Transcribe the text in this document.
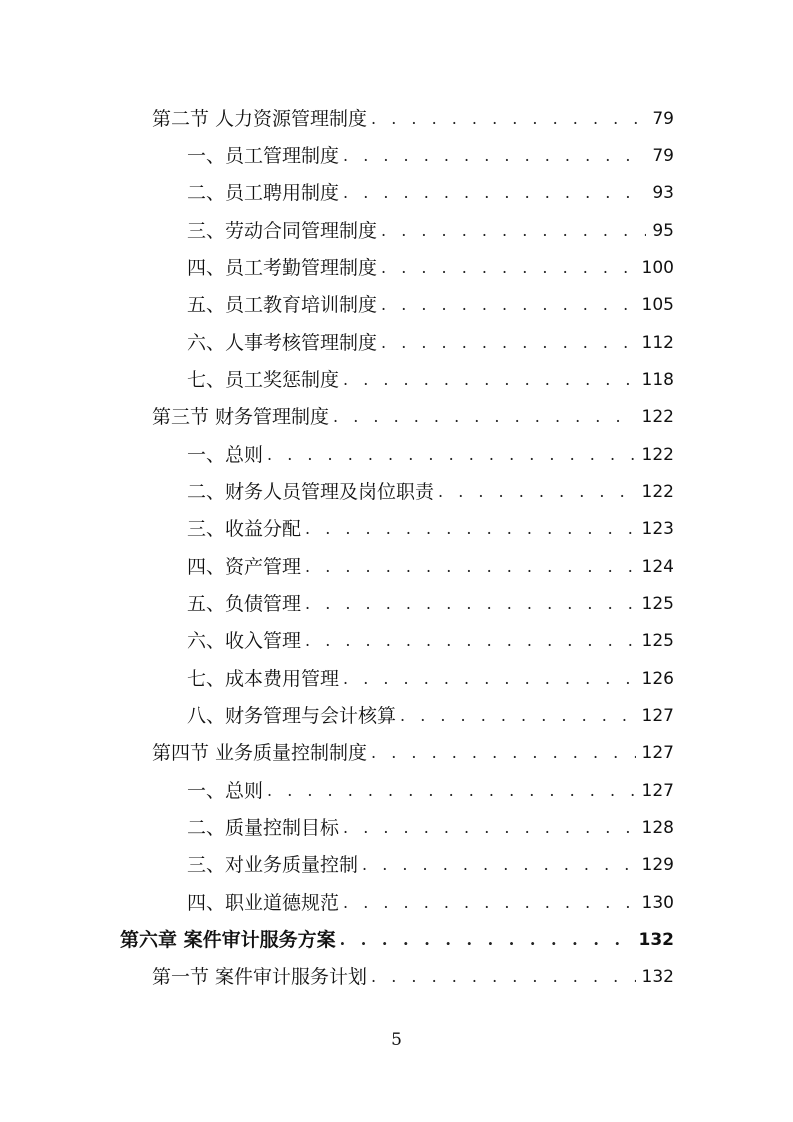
第二节 人力资源管理制度 . . .	79
一、员工管理制度 . . .	79
二、员工聘用制度 . . .	93
三、劳动合同管理制度 . . .	95
四、员工考勤管理制度 . . .	100
五、员工教育培训制度 . . .	105
六、人事考核管理制度 . . .	112
七、员工奖惩制度 . . .	118
第三节 财务管理制度 . . .	122
一、总则 . . .	122
二、财务人员管理及岗位职责 . . .	122
三、收益分配 . . .	123
四、资产管理 . . .	124
五、负债管理 . . .	125
六、收入管理 . . .	125
七、成本费用管理 . . .	126
八、财务管理与会计核算 . . .	127
第四节 业务质量控制制度 . . .	127
一、总则 . . .	127
二、质量控制目标 . . .	128
三、对业务质量控制 . . .	129
四、职业道德规范 . . .	130
第六章 案件审计服务方案 . . .	132
第一节 案件审计服务计划 . . .	132
5
